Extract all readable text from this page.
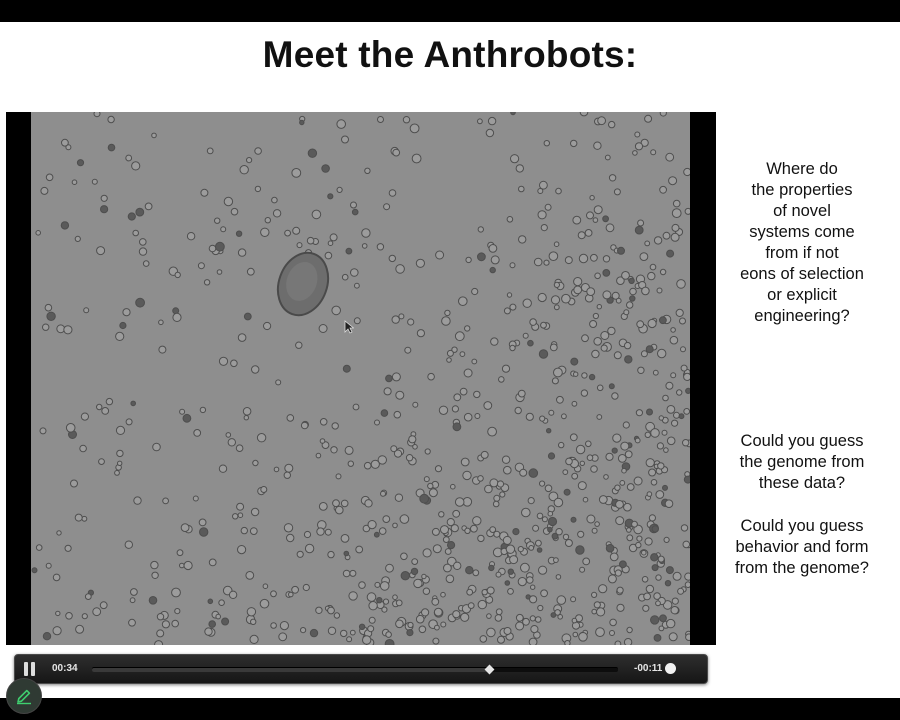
Meet the Anthrobots:
Where do
the properties
of novel
systems come
from if not
eons of selection
or explicit
engineering?
Could you guess
the genome from
these data?
Could you guess
behavior and form
from the genome?
00:34	-00:11
